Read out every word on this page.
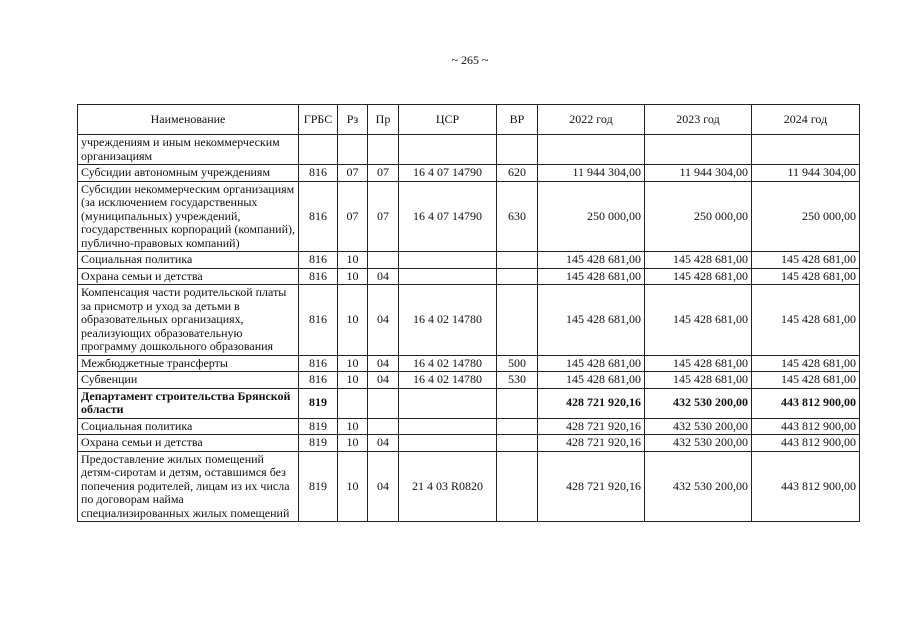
~ 265 ~
Наименование	ГРБС	Рз	Пр	ЦСР	ВР	2022 год	2023 год	2024 год
учреждениям и иным некоммерческим организациям								
Субсидии автономным учреждениям	816	07	07	16 4 07 14790	620	11 944 304,00	11 944 304,00	11 944 304,00
Субсидии некоммерческим организациям (за исключением государственных (муниципальных) учреждений, государственных корпораций (компаний), публично-правовых компаний)	816	07	07	16 4 07 14790	630	250 000,00	250 000,00	250 000,00
Социальная политика	816	10				145 428 681,00	145 428 681,00	145 428 681,00
Охрана семьи и детства	816	10	04			145 428 681,00	145 428 681,00	145 428 681,00
Компенсация части родительской платы за присмотр и уход за детьми в образовательных организациях, реализующих образовательную программу дошкольного образования	816	10	04	16 4 02 14780		145 428 681,00	145 428 681,00	145 428 681,00
Межбюджетные трансферты	816	10	04	16 4 02 14780	500	145 428 681,00	145 428 681,00	145 428 681,00
Субвенции	816	10	04	16 4 02 14780	530	145 428 681,00	145 428 681,00	145 428 681,00
Департамент строительства Брянской области	819					428 721 920,16	432 530 200,00	443 812 900,00
Социальная политика	819	10				428 721 920,16	432 530 200,00	443 812 900,00
Охрана семьи и детства	819	10	04			428 721 920,16	432 530 200,00	443 812 900,00
Предоставление жилых помещений детям-сиротам и детям, оставшимся без попечения родителей, лицам из их числа по договорам найма специализированных жилых помещений	819	10	04	21 4 03 R0820		428 721 920,16	432 530 200,00	443 812 900,00
